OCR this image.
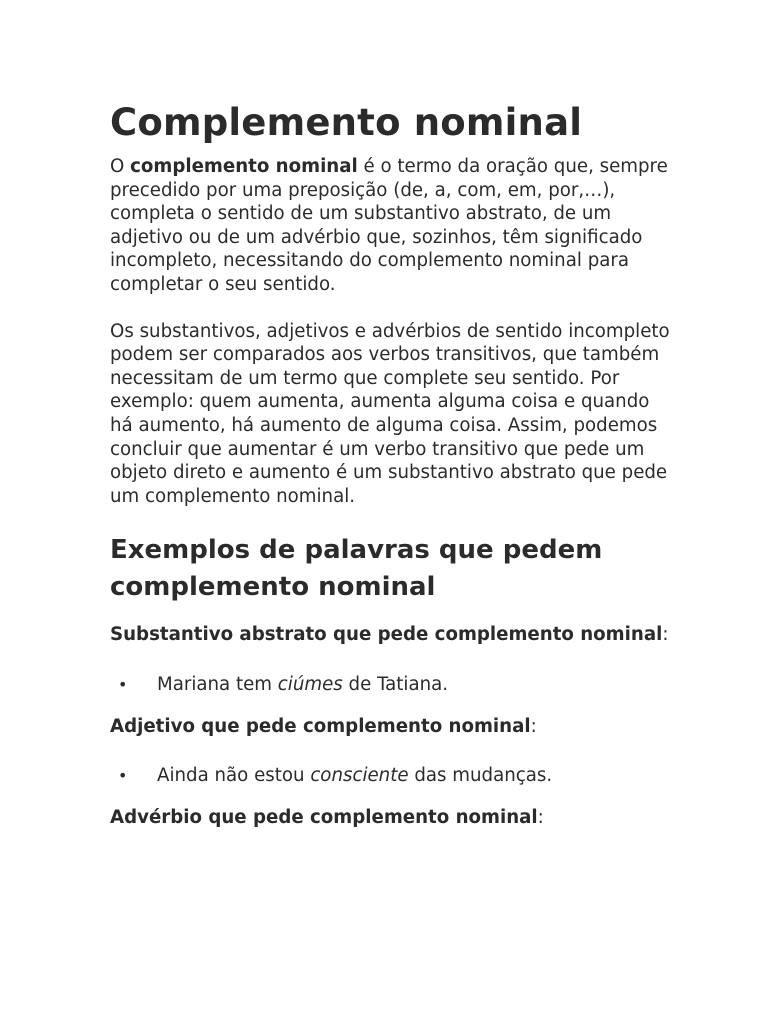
Complemento nominal

O complemento nominal é o termo da oração que, sempre precedido por uma preposição (de, a, com, em, por,…), completa o sentido de um substantivo abstrato, de um adjetivo ou de um advérbio que, sozinhos, têm significado incompleto, necessitando do complemento nominal para completar o seu sentido.

Os substantivos, adjetivos e advérbios de sentido incompleto podem ser comparados aos verbos transitivos, que também necessitam de um termo que complete seu sentido. Por exemplo: quem aumenta, aumenta alguma coisa e quando há aumento, há aumento de alguma coisa. Assim, podemos concluir que aumentar é um verbo transitivo que pede um objeto direto e aumento é um substantivo abstrato que pede um complemento nominal.

Exemplos de palavras que pedem complemento nominal

Substantivo abstrato que pede complemento nominal:

• Mariana tem ciúmes de Tatiana.

Adjetivo que pede complemento nominal:

• Ainda não estou consciente das mudanças.

Advérbio que pede complemento nominal:
